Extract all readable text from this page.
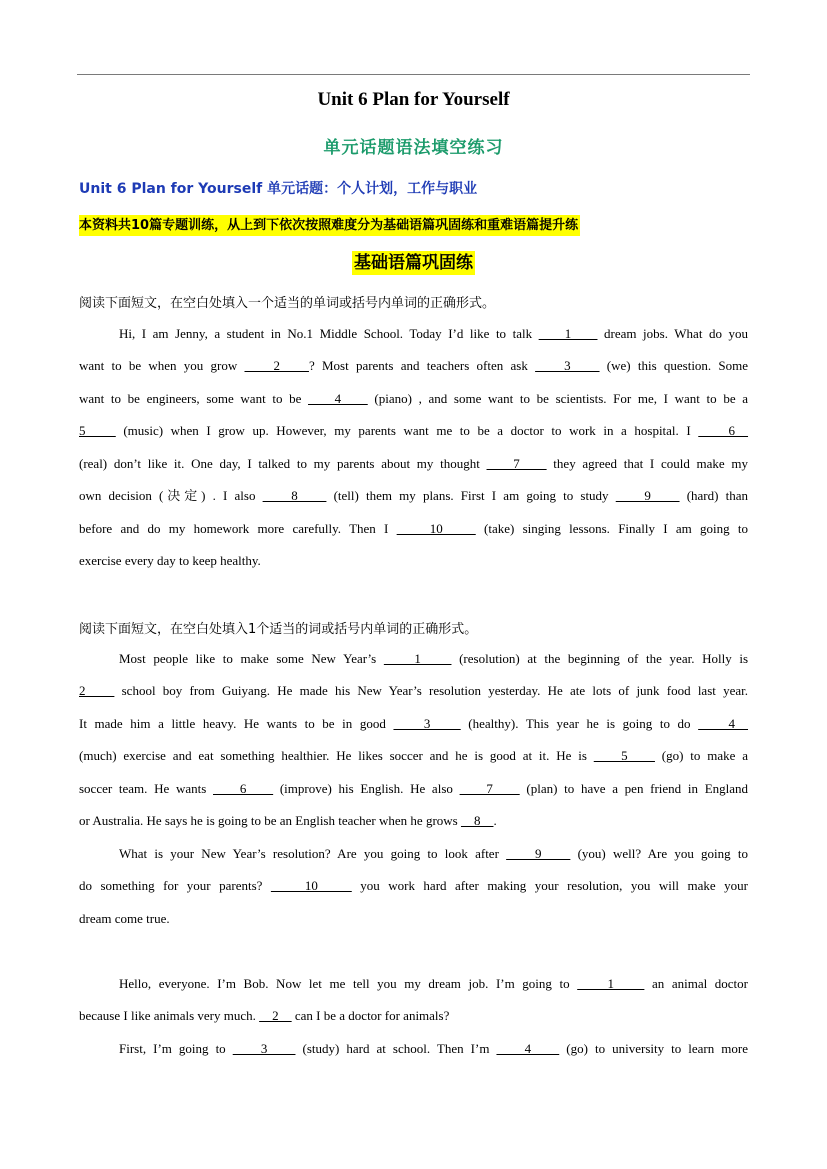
Unit 6 Plan for Yourself
单元话题语法填空练习
Unit 6 Plan for Yourself 单元话题：个人计划，工作与职业
本资料共10篇专题训练，从上到下依次按照难度分为基础语篇巩固练和重难语篇提升练
基础语篇巩固练
阅读下面短文，在空白处填入一个适当的单词或括号内单词的正确形式。
Hi, I am Jenny, a student in No.1 Middle School. Today I’d like to talk     1     dream jobs. What do you
want to be when you grow     2    ? Most parents and teachers often ask     3     (we) this question. Some
want to be engineers, some want to be     4     (piano) , and some want to be scientists. For me, I want to be a
5     (music) when I grow up. However, my parents want me to be a doctor to work in a hospital. I     6
(real) don’t like it. One day, I talked to my parents about my thought     7     they agreed that I could make my
own decision (决定) . I also     8     (tell) them my plans. First I am going to study     9     (hard) than
before and do my homework more carefully. Then I     10     (take) singing lessons. Finally I am going to
exercise every day to keep healthy.
阅读下面短文，在空白处填入1个适当的词或括号内单词的正确形式。
Most people like to make some New Year’s     1     (resolution) at the beginning of the year. Holly is
2     school boy from Guiyang. He made his New Year’s resolution yesterday. He ate lots of junk food last year.
It made him a little heavy. He wants to be in good     3     (healthy). This year he is going to do     4
(much) exercise and eat something healthier. He likes soccer and he is good at it. He is     5     (go) to make a
soccer team. He wants     6     (improve) his English. He also     7     (plan) to have a pen friend in England
or Australia. He says he is going to be an English teacher when he grows     8    .
What is your New Year’s resolution? Are you going to look after     9     (you) well? Are you going to
do something for your parents?     10     you work hard after making your resolution, you will make your
dream come true.
Hello, everyone. I’m Bob. Now let me tell you my dream job. I’m going to     1     an animal doctor
because I like animals very much.     2     can I be a doctor for animals?
First, I’m going to     3     (study) hard at school. Then I’m     4     (go) to university to learn more
